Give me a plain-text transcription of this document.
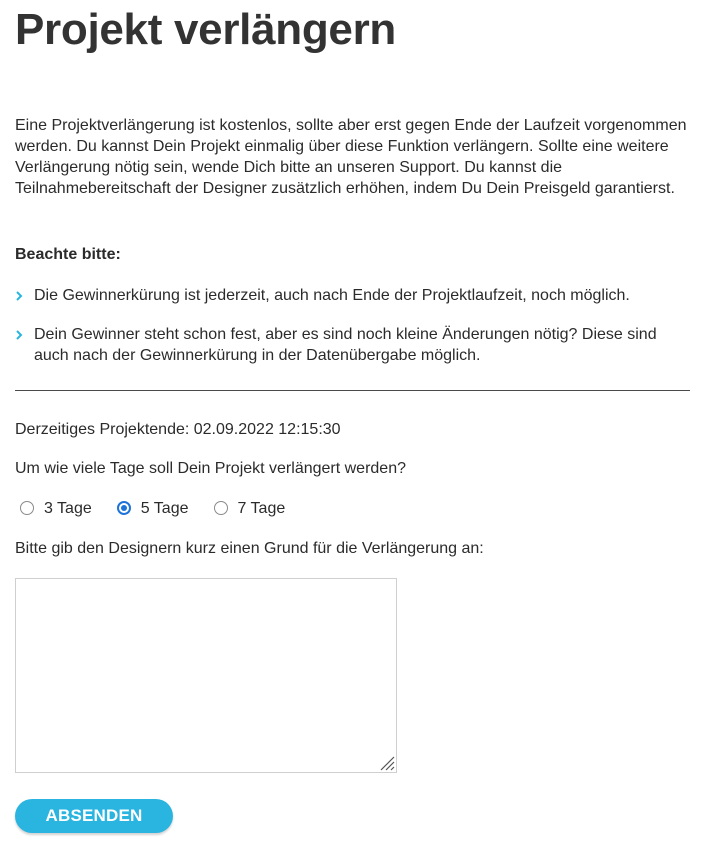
Projekt verlängern

Eine Projektverlängerung ist kostenlos, sollte aber erst gegen Ende der Laufzeit vorgenommen werden. Du kannst Dein Projekt einmalig über diese Funktion verlängern. Sollte eine weitere Verlängerung nötig sein, wende Dich bitte an unseren Support. Du kannst die Teilnahmebereitschaft der Designer zusätzlich erhöhen, indem Du Dein Preisgeld garantierst.

Beachte bitte:

Die Gewinnerkürung ist jederzeit, auch nach Ende der Projektlaufzeit, noch möglich.
Dein Gewinner steht schon fest, aber es sind noch kleine Änderungen nötig? Diese sind auch nach der Gewinnerkürung in der Datenübergabe möglich.

Derzeitiges Projektende: 02.09.2022 12:15:30

Um wie viele Tage soll Dein Projekt verlängert werden?

3 Tage	5 Tage	7 Tage

Bitte gib den Designern kurz einen Grund für die Verlängerung an:

ABSENDEN
